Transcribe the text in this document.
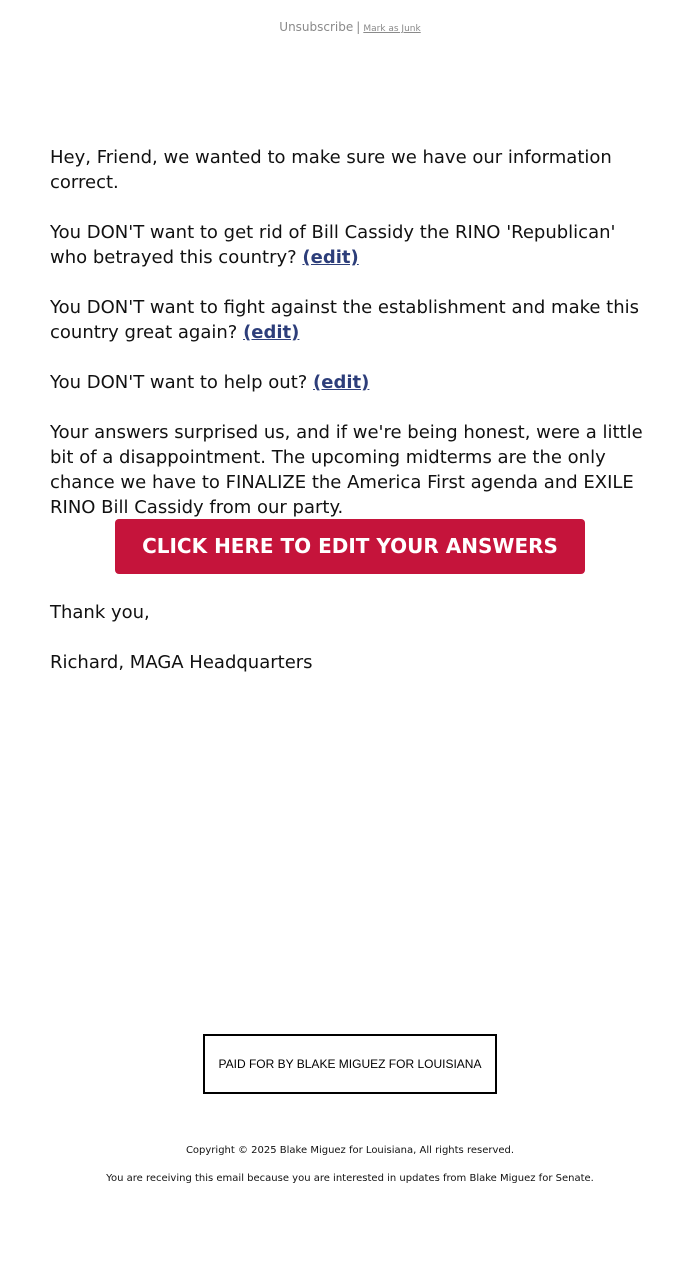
Unsubscribe | Mark as Junk

Hey, Friend, we wanted to make sure we have our information correct.

You DON'T want to get rid of Bill Cassidy the RINO 'Republican' who betrayed this country? (edit)

You DON'T want to fight against the establishment and make this country great again? (edit)

You DON'T want to help out? (edit)

Your answers surprised us, and if we're being honest, were a little bit of a disappointment. The upcoming midterms are the only chance we have to FINALIZE the America First agenda and EXILE RINO Bill Cassidy from our party.

CLICK HERE TO EDIT YOUR ANSWERS

Thank you,

Richard, MAGA Headquarters

PAID FOR BY BLAKE MIGUEZ FOR LOUISIANA
Copyright © 2025 Blake Miguez for Louisiana, All rights reserved.
You are receiving this email because you are interested in updates from Blake Miguez for Senate.
